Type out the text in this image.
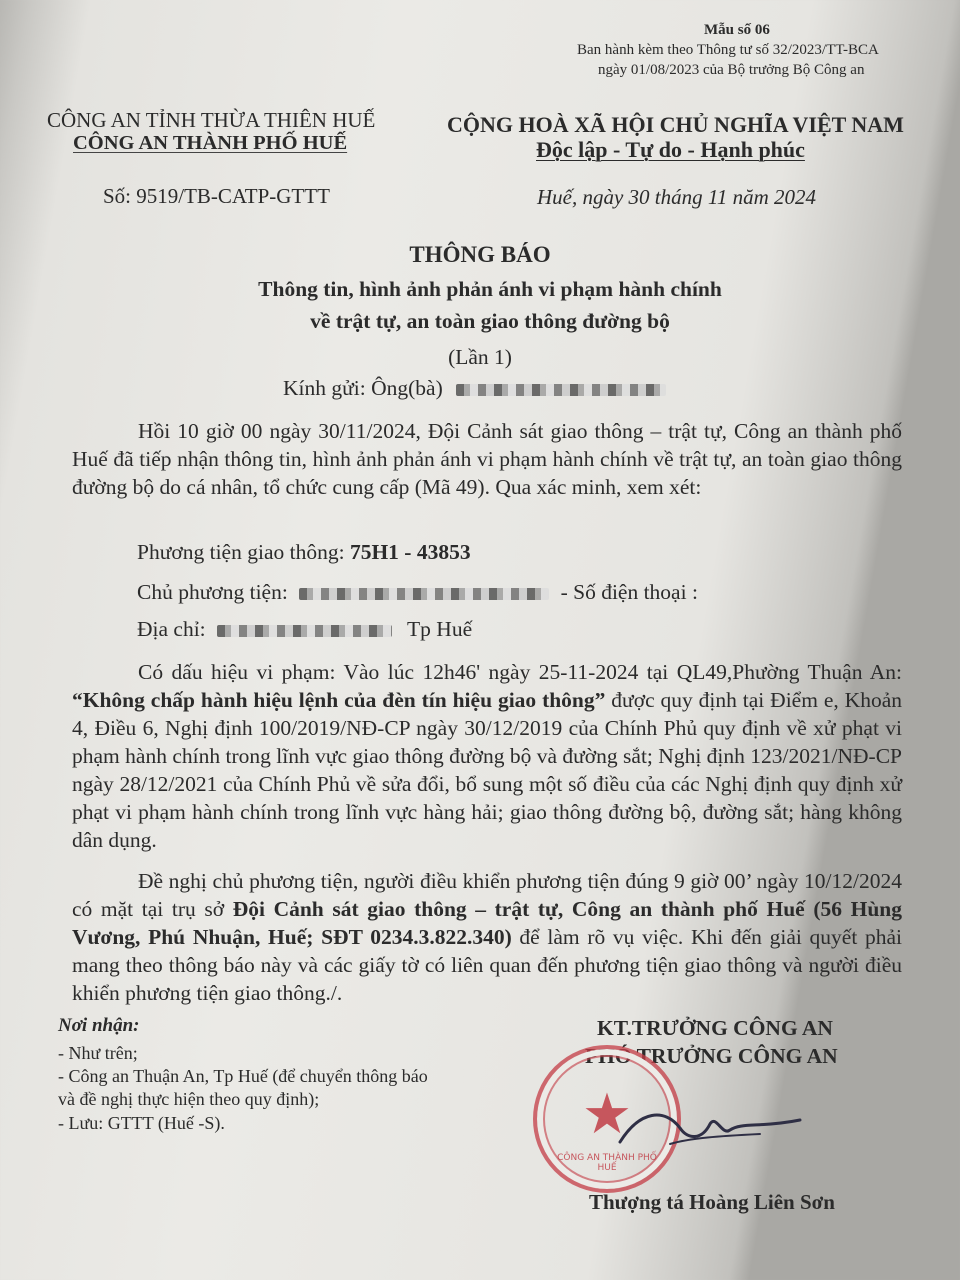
Mẫu số 06
Ban hành kèm theo Thông tư số 32/2023/TT-BCA
ngày 01/08/2023 của Bộ trưởng Bộ Công an
CÔNG AN TỈNH THỪA THIÊN HUẾ
CÔNG AN THÀNH PHỐ HUẾ
Số: 9519/TB-CATP-GTTT
CỘNG HOÀ XÃ HỘI CHỦ NGHĨA VIỆT NAM
Độc lập - Tự do - Hạnh phúc
Huế, ngày 30 tháng 11 năm 2024
THÔNG BÁO
Thông tin, hình ảnh phản ánh vi phạm hành chính
về trật tự, an toàn giao thông đường bộ
(Lần 1)
Kính gửi: Ông(bà)
Hồi 10 giờ 00 ngày 30/11/2024, Đội Cảnh sát giao thông – trật tự, Công an thành phố Huế đã tiếp nhận thông tin, hình ảnh phản ánh vi phạm hành chính về trật tự, an toàn giao thông đường bộ do cá nhân, tổ chức cung cấp (Mã 49). Qua xác minh, xem xét:
Phương tiện giao thông: 75H1 - 43853
Chủ phương tiện:	- Số điện thoại :
Địa chỉ:	Tp Huế
Có dấu hiệu vi phạm: Vào lúc 12h46' ngày 25-11-2024 tại QL49,Phường Thuận An: “Không chấp hành hiệu lệnh của đèn tín hiệu giao thông” được quy định tại Điểm e, Khoản 4, Điều 6, Nghị định 100/2019/NĐ-CP ngày 30/12/2019 của Chính Phủ quy định về xử phạt vi phạm hành chính trong lĩnh vực giao thông đường bộ và đường sắt; Nghị định 123/2021/NĐ-CP ngày 28/12/2021 của Chính Phủ về sửa đổi, bổ sung một số điều của các Nghị định quy định xử phạt vi phạm hành chính trong lĩnh vực hàng hải; giao thông đường bộ, đường sắt; hàng không dân dụng.
Đề nghị chủ phương tiện, người điều khiển phương tiện đúng 9 giờ 00’ ngày 10/12/2024 có mặt tại trụ sở Đội Cảnh sát giao thông – trật tự, Công an thành phố Huế (56 Hùng Vương, Phú Nhuận, Huế; SĐT 0234.3.822.340) để làm rõ vụ việc. Khi đến giải quyết phải mang theo thông báo này và các giấy tờ có liên quan đến phương tiện giao thông và người điều khiển phương tiện giao thông./.
Nơi nhận:
- Như trên;
- Công an Thuận An, Tp Huế (để chuyển thông báo
và đề nghị thực hiện theo quy định);
- Lưu: GTTT (Huế -S).
KT.TRƯỞNG CÔNG AN
PHÓ TRƯỞNG CÔNG AN
★
CÔNG AN THÀNH PHỐ HUẾ
Thượng tá Hoàng Liên Sơn
